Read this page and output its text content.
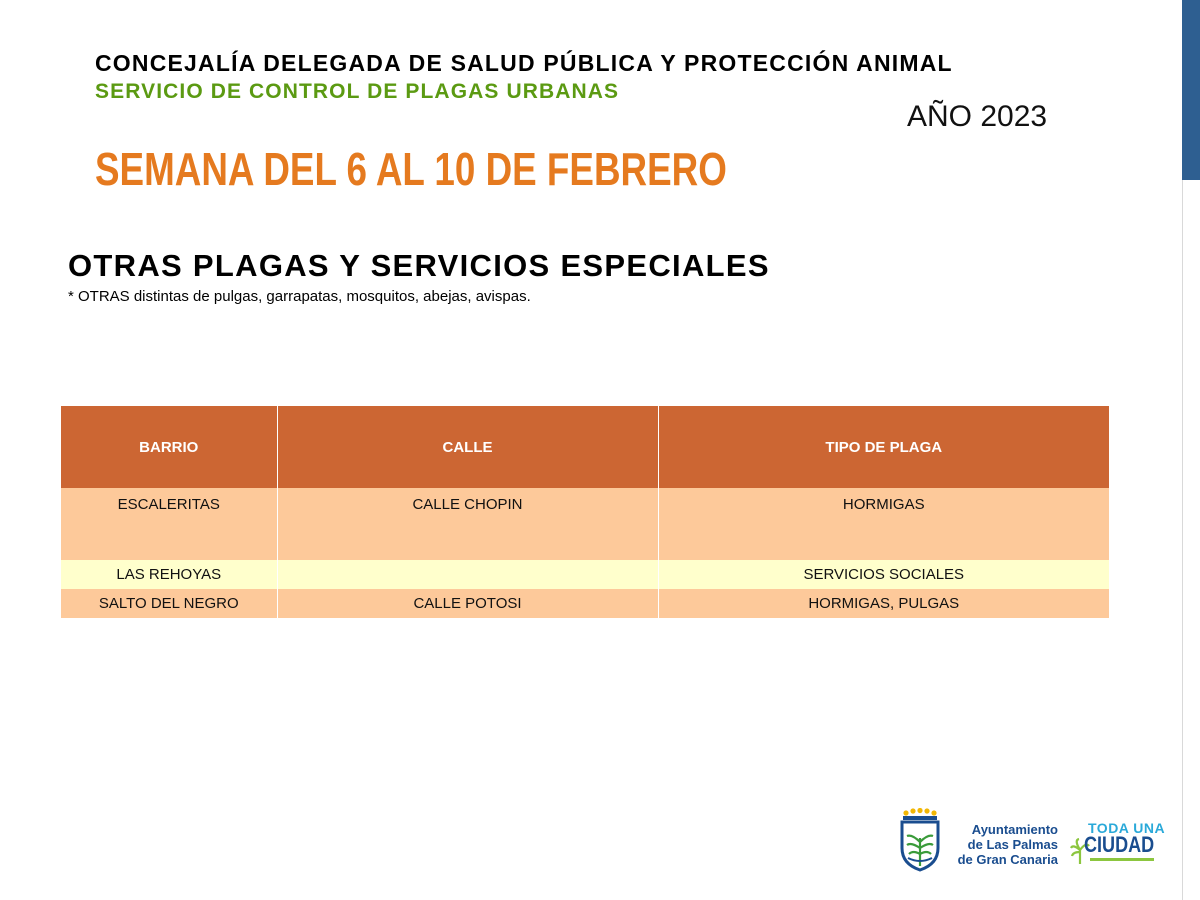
CONCEJALÍA DELEGADA DE SALUD PÚBLICA Y PROTECCIÓN ANIMAL
SERVICIO DE CONTROL DE PLAGAS URBANAS
AÑO 2023
SEMANA DEL 6 AL 10 DE FEBRERO
OTRAS PLAGAS Y SERVICIOS ESPECIALES
* OTRAS distintas de pulgas, garrapatas, mosquitos, abejas, avispas.
BARRIO	CALLE	TIPO DE PLAGA
ESCALERITAS	CALLE CHOPIN	HORMIGAS
LAS REHOYAS		SERVICIOS SOCIALES
SALTO DEL NEGRO	CALLE POTOSI	HORMIGAS, PULGAS
Ayuntamiento
de Las Palmas
de Gran Canaria
TODA UNA
CIUDAD
